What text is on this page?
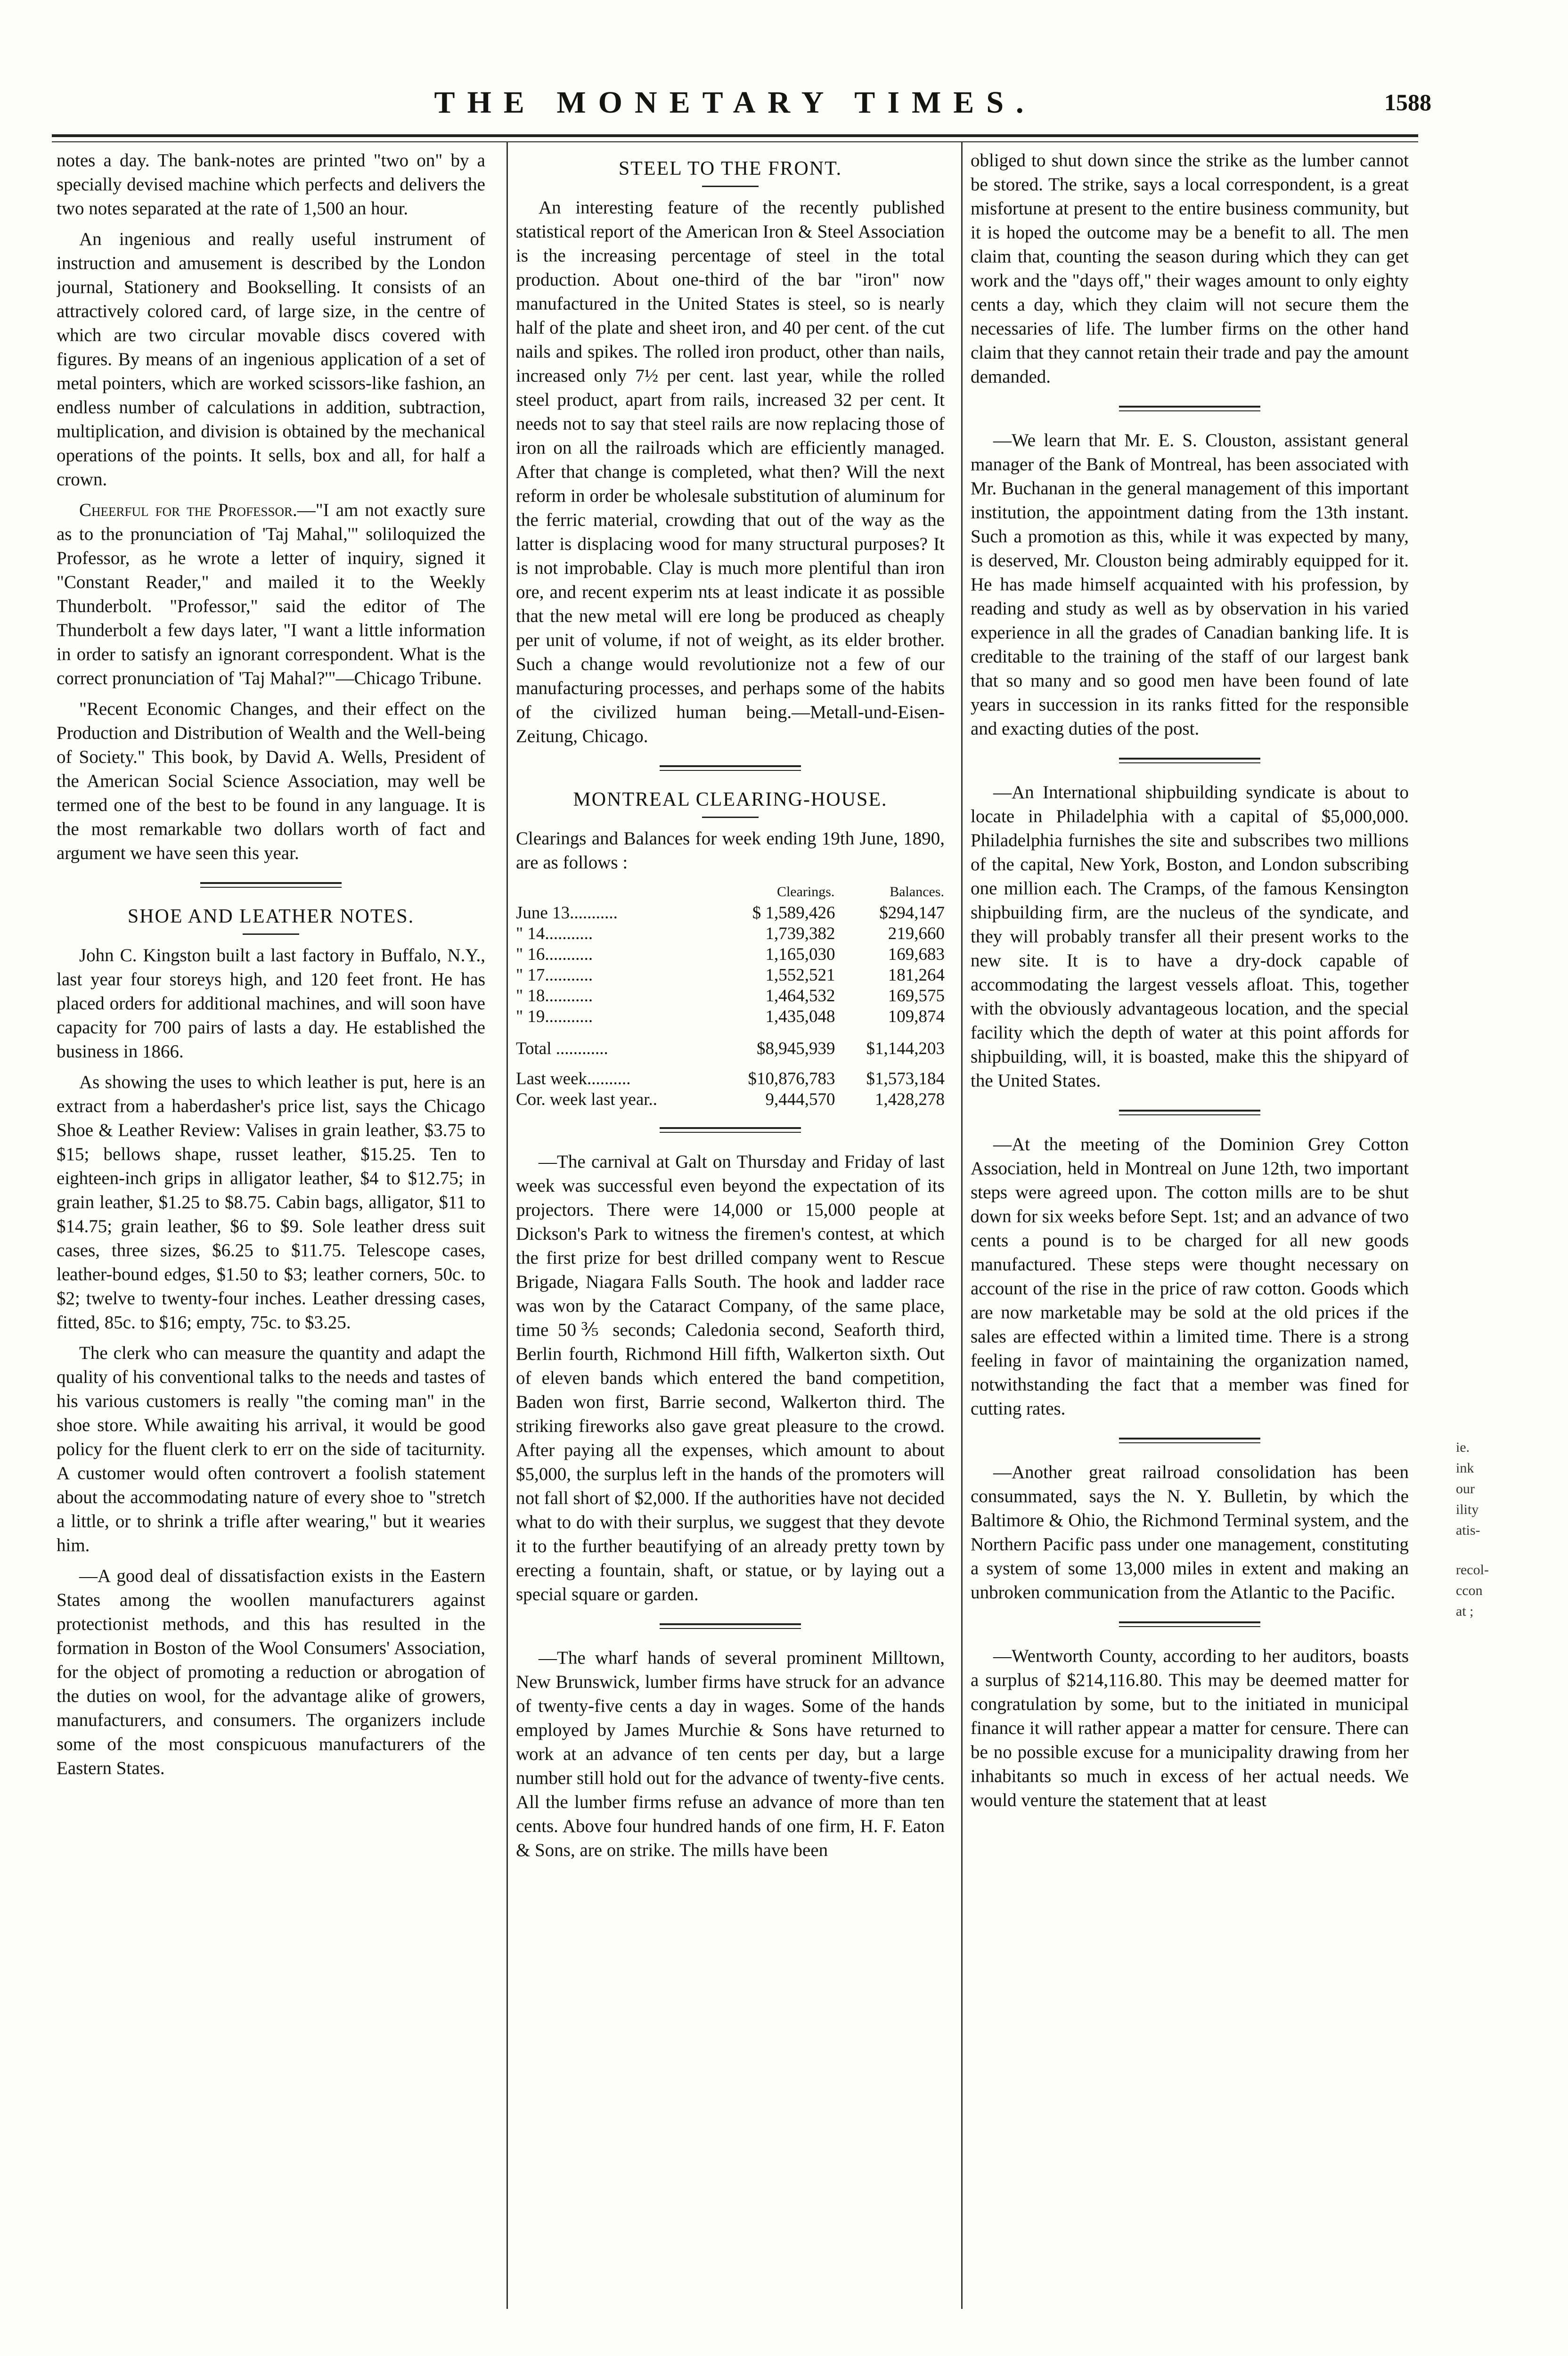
THE MONETARY TIMES.	1588

notes a day. The bank-notes are printed "two on" by a specially devised machine which perfects and delivers the two notes separated at the rate of 1,500 an hour.

An ingenious and really useful instrument of instruction and amusement is described by the London journal, Stationery and Bookselling. It consists of an attractively colored card, of large size, in the centre of which are two circular movable discs covered with figures. By means of an ingenious application of a set of metal pointers, which are worked scissors-like fashion, an endless number of calculations in addition, subtraction, multiplication, and division is obtained by the mechanical operations of the points. It sells, box and all, for half a crown.

Cheerful for the Professor.—"I am not exactly sure as to the pronunciation of 'Taj Mahal,'" soliloquized the Professor, as he wrote a letter of inquiry, signed it "Constant Reader," and mailed it to the Weekly Thunderbolt. "Professor," said the editor of The Thunderbolt a few days later, "I want a little information in order to satisfy an ignorant correspondent. What is the correct pronunciation of 'Taj Mahal?'"—Chicago Tribune.

"Recent Economic Changes, and their effect on the Production and Distribution of Wealth and the Well-being of Society." This book, by David A. Wells, President of the American Social Science Association, may well be termed one of the best to be found in any language. It is the most remarkable two dollars worth of fact and argument we have seen this year.

SHOE AND LEATHER NOTES.

John C. Kingston built a last factory in Buffalo, N.Y., last year four storeys high, and 120 feet front. He has placed orders for additional machines, and will soon have capacity for 700 pairs of lasts a day. He established the business in 1866.

As showing the uses to which leather is put, here is an extract from a haberdasher's price list, says the Chicago Shoe & Leather Review: Valises in grain leather, $3.75 to $15; bellows shape, russet leather, $15.25. Ten to eighteen-inch grips in alligator leather, $4 to $12.75; in grain leather, $1.25 to $8.75. Cabin bags, alligator, $11 to $14.75; grain leather, $6 to $9. Sole leather dress suit cases, three sizes, $6.25 to $11.75. Telescope cases, leather-bound edges, $1.50 to $3; leather corners, 50c. to $2; twelve to twenty-four inches. Leather dressing cases, fitted, 85c. to $16; empty, 75c. to $3.25.

The clerk who can measure the quantity and adapt the quality of his conventional talks to the needs and tastes of his various customers is really "the coming man" in the shoe store. While awaiting his arrival, it would be good policy for the fluent clerk to err on the side of taciturnity. A customer would often controvert a foolish statement about the accommodating nature of every shoe to "stretch a little, or to shrink a trifle after wearing," but it wearies him.

—A good deal of dissatisfaction exists in the Eastern States among the woollen manufacturers against protectionist methods, and this has resulted in the formation in Boston of the Wool Consumers' Association, for the object of promoting a reduction or abrogation of the duties on wool, for the advantage alike of growers, manufacturers, and consumers. The organizers include some of the most conspicuous manufacturers of the Eastern States.

STEEL TO THE FRONT.

An interesting feature of the recently published statistical report of the American Iron & Steel Association is the increasing percentage of steel in the total production. About one-third of the bar "iron" now manufactured in the United States is steel, so is nearly half of the plate and sheet iron, and 40 per cent. of the cut nails and spikes. The rolled iron product, other than nails, increased only 7½ per cent. last year, while the rolled steel product, apart from rails, increased 32 per cent. It needs not to say that steel rails are now replacing those of iron on all the railroads which are efficiently managed. After that change is completed, what then? Will the next reform in order be wholesale substitution of aluminum for the ferric material, crowding that out of the way as the latter is displacing wood for many structural purposes? It is not improbable. Clay is much more plentiful than iron ore, and recent experim nts at least indicate it as possible that the new metal will ere long be produced as cheaply per unit of volume, if not of weight, as its elder brother. Such a change would revolutionize not a few of our manufacturing processes, and perhaps some of the habits of the civilized human being.—Metall-und-Eisen-Zeitung, Chicago.

MONTREAL CLEARING-HOUSE.

Clearings and Balances for week ending 19th June, 1890, are as follows :

	Clearings.	Balances.
June 13...........	$ 1,589,426	$294,147
" 14...........	1,739,382	219,660
" 16...........	1,165,030	169,683
" 17...........	1,552,521	181,264
" 18...........	1,464,532	169,575
" 19...........	1,435,048	109,874
Total ............	$8,945,939	$1,144,203
Last week..........	$10,876,783	$1,573,184
Cor. week last year..	9,444,570	1,428,278

—The carnival at Galt on Thursday and Friday of last week was successful even beyond the expectation of its projectors. There were 14,000 or 15,000 people at Dickson's Park to witness the firemen's contest, at which the first prize for best drilled company went to Rescue Brigade, Niagara Falls South. The hook and ladder race was won by the Cataract Company, of the same place, time 50⅗ seconds; Caledonia second, Seaforth third, Berlin fourth, Richmond Hill fifth, Walkerton sixth. Out of eleven bands which entered the band competition, Baden won first, Barrie second, Walkerton third. The striking fireworks also gave great pleasure to the crowd. After paying all the expenses, which amount to about $5,000, the surplus left in the hands of the promoters will not fall short of $2,000. If the authorities have not decided what to do with their surplus, we suggest that they devote it to the further beautifying of an already pretty town by erecting a fountain, shaft, or statue, or by laying out a special square or garden.

—The wharf hands of several prominent Milltown, New Brunswick, lumber firms have struck for an advance of twenty-five cents a day in wages. Some of the hands employed by James Murchie & Sons have returned to work at an advance of ten cents per day, but a large number still hold out for the advance of twenty-five cents. All the lumber firms refuse an advance of more than ten cents. Above four hundred hands of one firm, H. F. Eaton & Sons, are on strike. The mills have been

obliged to shut down since the strike as the lumber cannot be stored. The strike, says a local correspondent, is a great misfortune at present to the entire business community, but it is hoped the outcome may be a benefit to all. The men claim that, counting the season during which they can get work and the "days off," their wages amount to only eighty cents a day, which they claim will not secure them the necessaries of life. The lumber firms on the other hand claim that they cannot retain their trade and pay the amount demanded.

—We learn that Mr. E. S. Clouston, assistant general manager of the Bank of Montreal, has been associated with Mr. Buchanan in the general management of this important institution, the appointment dating from the 13th instant. Such a promotion as this, while it was expected by many, is deserved, Mr. Clouston being admirably equipped for it. He has made himself acquainted with his profession, by reading and study as well as by observation in his varied experience in all the grades of Canadian banking life. It is creditable to the training of the staff of our largest bank that so many and so good men have been found of late years in succession in its ranks fitted for the responsible and exacting duties of the post.

—An International shipbuilding syndicate is about to locate in Philadelphia with a capital of $5,000,000. Philadelphia furnishes the site and subscribes two millions of the capital, New York, Boston, and London subscribing one million each. The Cramps, of the famous Kensington shipbuilding firm, are the nucleus of the syndicate, and they will probably transfer all their present works to the new site. It is to have a dry-dock capable of accommodating the largest vessels afloat. This, together with the obviously advantageous location, and the special facility which the depth of water at this point affords for shipbuilding, will, it is boasted, make this the shipyard of the United States.

—At the meeting of the Dominion Grey Cotton Association, held in Montreal on June 12th, two important steps were agreed upon. The cotton mills are to be shut down for six weeks before Sept. 1st; and an advance of two cents a pound is to be charged for all new goods manufactured. These steps were thought necessary on account of the rise in the price of raw cotton. Goods which are now marketable may be sold at the old prices if the sales are effected within a limited time. There is a strong feeling in favor of maintaining the organization named, notwithstanding the fact that a member was fined for cutting rates.

—Another great railroad consolidation has been consummated, says the N. Y. Bulletin, by which the Baltimore & Ohio, the Richmond Terminal system, and the Northern Pacific pass under one management, constituting a system of some 13,000 miles in extent and making an unbroken communication from the Atlantic to the Pacific.

—Wentworth County, according to her auditors, boasts a surplus of $214,116.80. This may be deemed matter for congratulation by some, but to the initiated in municipal finance it will rather appear a matter for censure. There can be no possible excuse for a municipality drawing from her inhabitants so much in excess of her actual needs. We would venture the statement that at least

ie.
ink
our
ility
atis-
recol-
ccon
at ;
